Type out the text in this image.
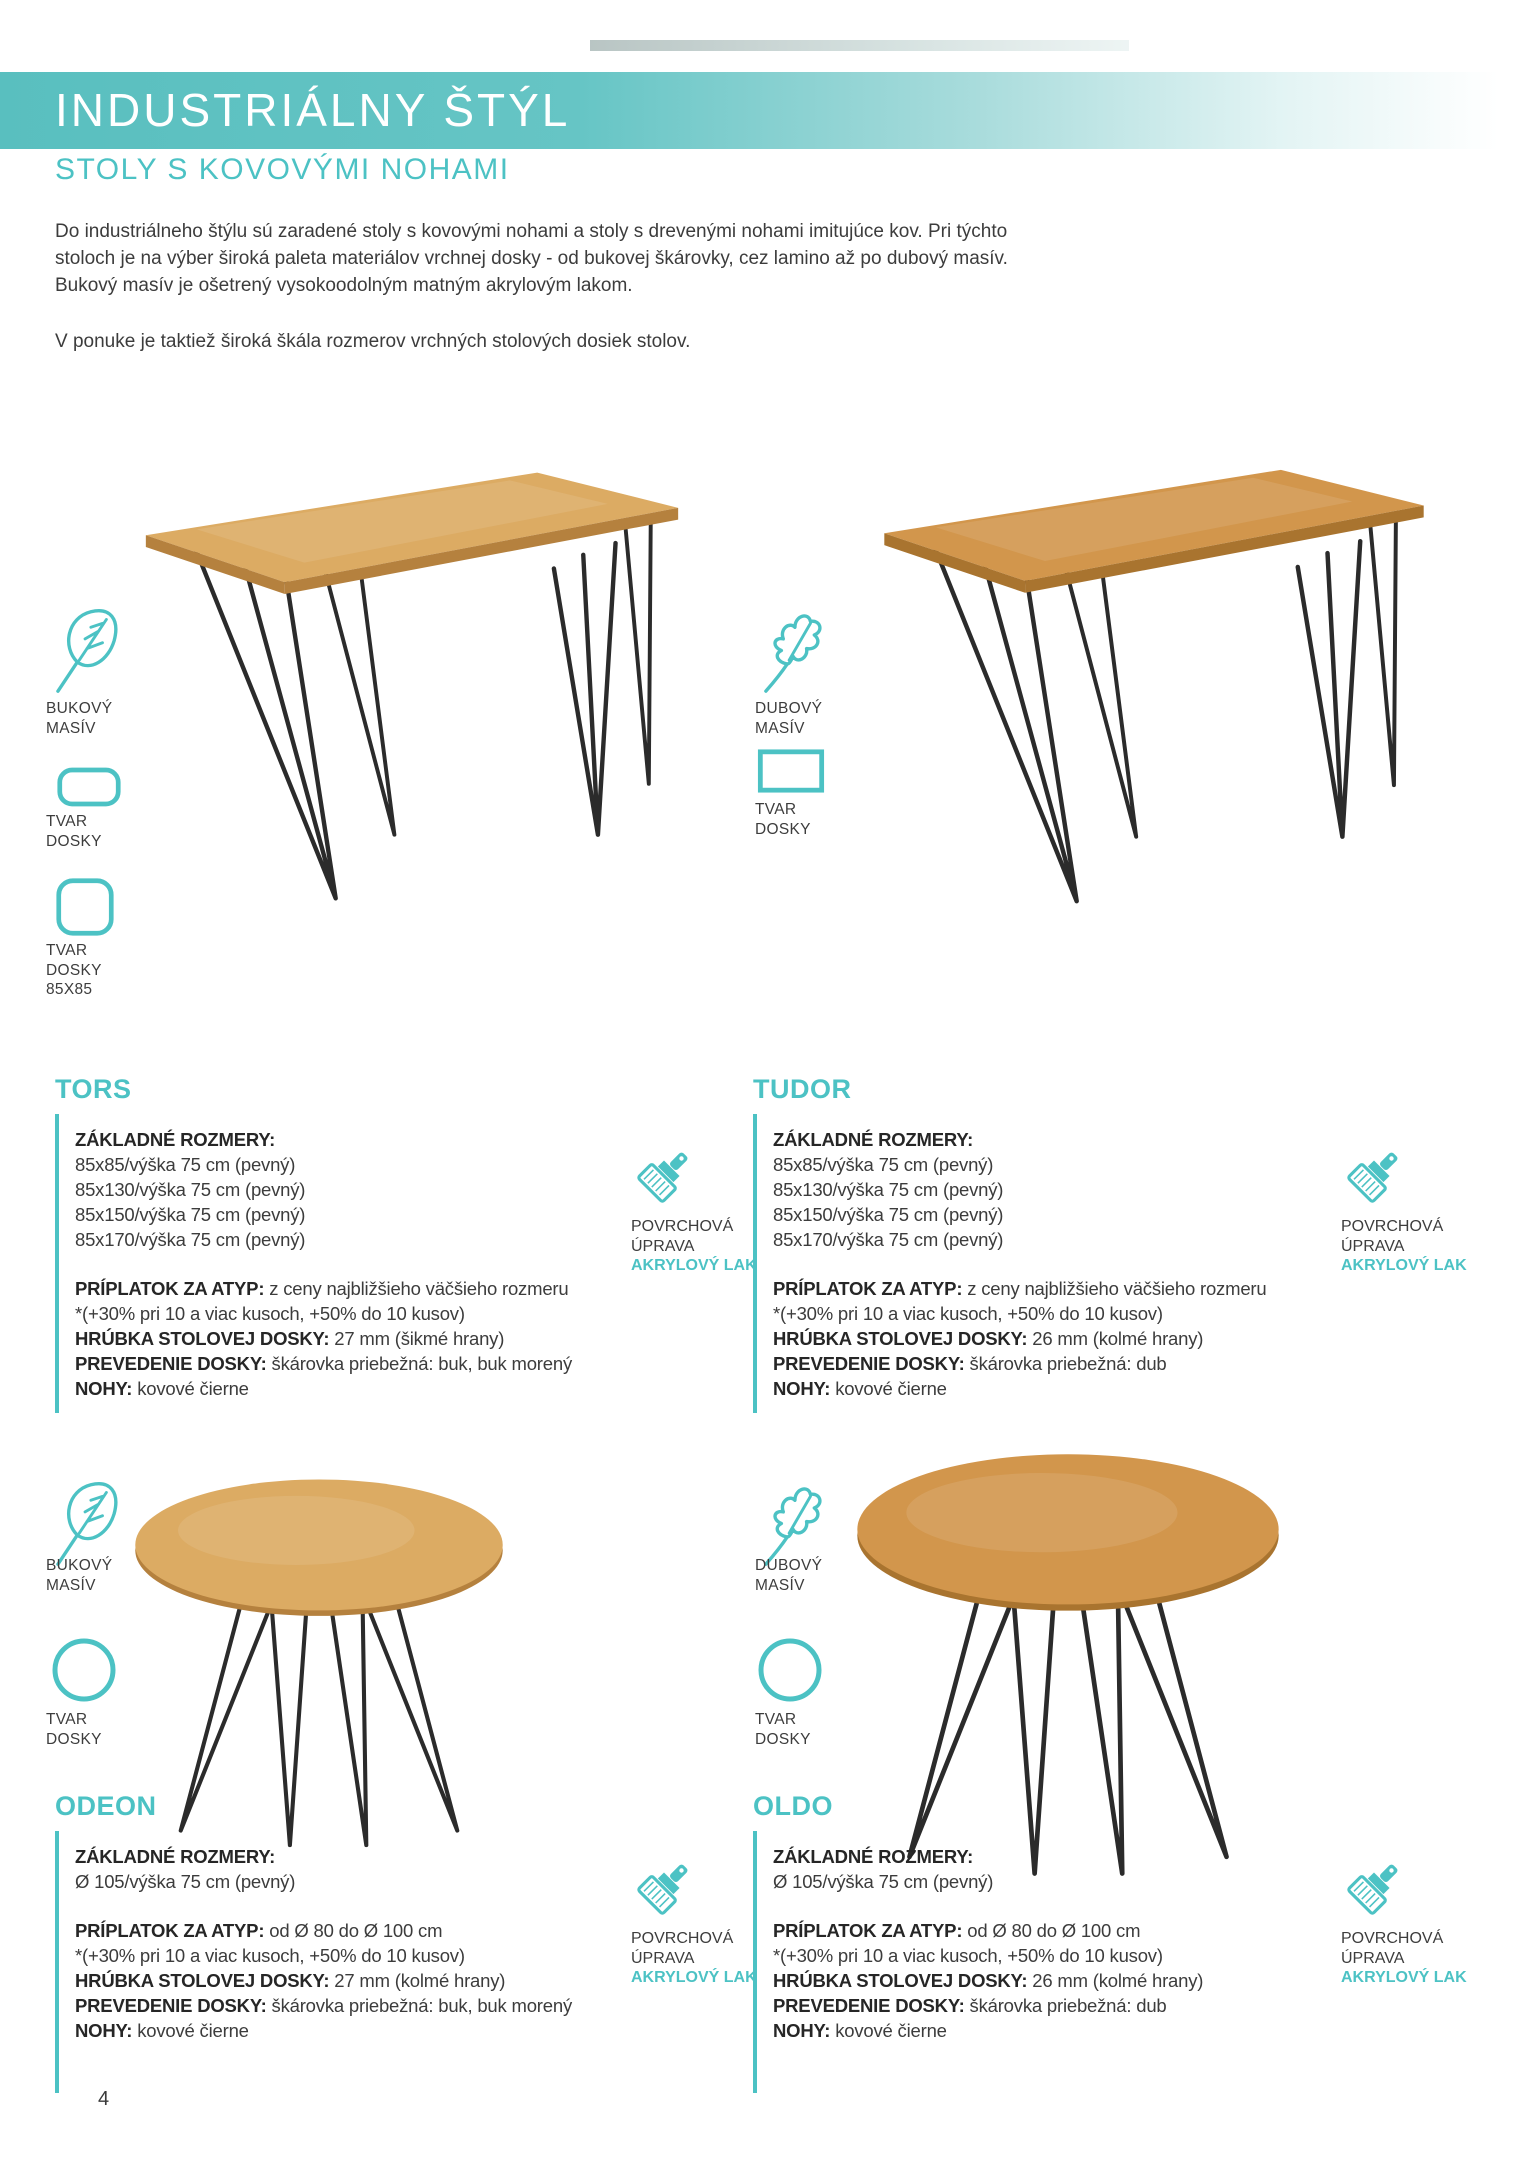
INDUSTRIÁLNY ŠTÝL
STOLY S KOVOVÝMI NOHAMI

Do industriálneho štýlu sú zaradené stoly s kovovými nohami a stoly s drevenými nohami imitujúce kov. Pri týchto stoloch je na výber široká paleta materiálov vrchnej dosky - od bukovej škárovky, cez lamino až po dubový masív. Bukový masív je ošetrený vysokoodolným matným akrylovým lakom.

V ponuke je taktiež široká škála rozmerov vrchných stolových dosiek stolov.

BUKOVÝ MASÍV
TVAR DOSKY
TVAR DOSKY 85X85
DUBOVÝ MASÍV
TVAR DOSKY
TORS
ZÁKLADNÉ ROZMERY:
85x85/výška 75 cm (pevný)
85x130/výška 75 cm (pevný)
85x150/výška 75 cm (pevný)
85x170/výška 75 cm (pevný)
PRÍPLATOK ZA ATYP: z ceny najbližšieho väčšieho rozmeru
*(+30% pri 10 a viac kusoch, +50% do 10 kusov)
HRÚBKA STOLOVEJ DOSKY: 27 mm (šikmé hrany)
PREVEDENIE DOSKY: škárovka priebežná: buk, buk morený
NOHY: kovové čierne
TUDOR
ZÁKLADNÉ ROZMERY:
85x85/výška 75 cm (pevný)
85x130/výška 75 cm (pevný)
85x150/výška 75 cm (pevný)
85x170/výška 75 cm (pevný)
PRÍPLATOK ZA ATYP: z ceny najbližšieho väčšieho rozmeru
*(+30% pri 10 a viac kusoch, +50% do 10 kusov)
HRÚBKA STOLOVEJ DOSKY: 26 mm (kolmé hrany)
PREVEDENIE DOSKY: škárovka priebežná: dub
NOHY: kovové čierne
POVRCHOVÁ ÚPRAVA
AKRYLOVÝ LAK
POVRCHOVÁ ÚPRAVA
AKRYLOVÝ LAK
BUKOVÝ MASÍV
TVAR DOSKY
DUBOVÝ MASÍV
TVAR DOSKY
ODEON
ZÁKLADNÉ ROZMERY:
Ø 105/výška 75 cm (pevný)
PRÍPLATOK ZA ATYP: od Ø 80 do Ø 100 cm
*(+30% pri 10 a viac kusoch, +50% do 10 kusov)
HRÚBKA STOLOVEJ DOSKY: 27 mm (kolmé hrany)
PREVEDENIE DOSKY: škárovka priebežná: buk, buk morený
NOHY: kovové čierne
OLDO
ZÁKLADNÉ ROZMERY:
Ø 105/výška 75 cm (pevný)
PRÍPLATOK ZA ATYP: od Ø 80 do Ø 100 cm
*(+30% pri 10 a viac kusoch, +50% do 10 kusov)
HRÚBKA STOLOVEJ DOSKY: 26 mm (kolmé hrany)
PREVEDENIE DOSKY: škárovka priebežná: dub
NOHY: kovové čierne
POVRCHOVÁ ÚPRAVA
AKRYLOVÝ LAK
POVRCHOVÁ ÚPRAVA
AKRYLOVÝ LAK
4
